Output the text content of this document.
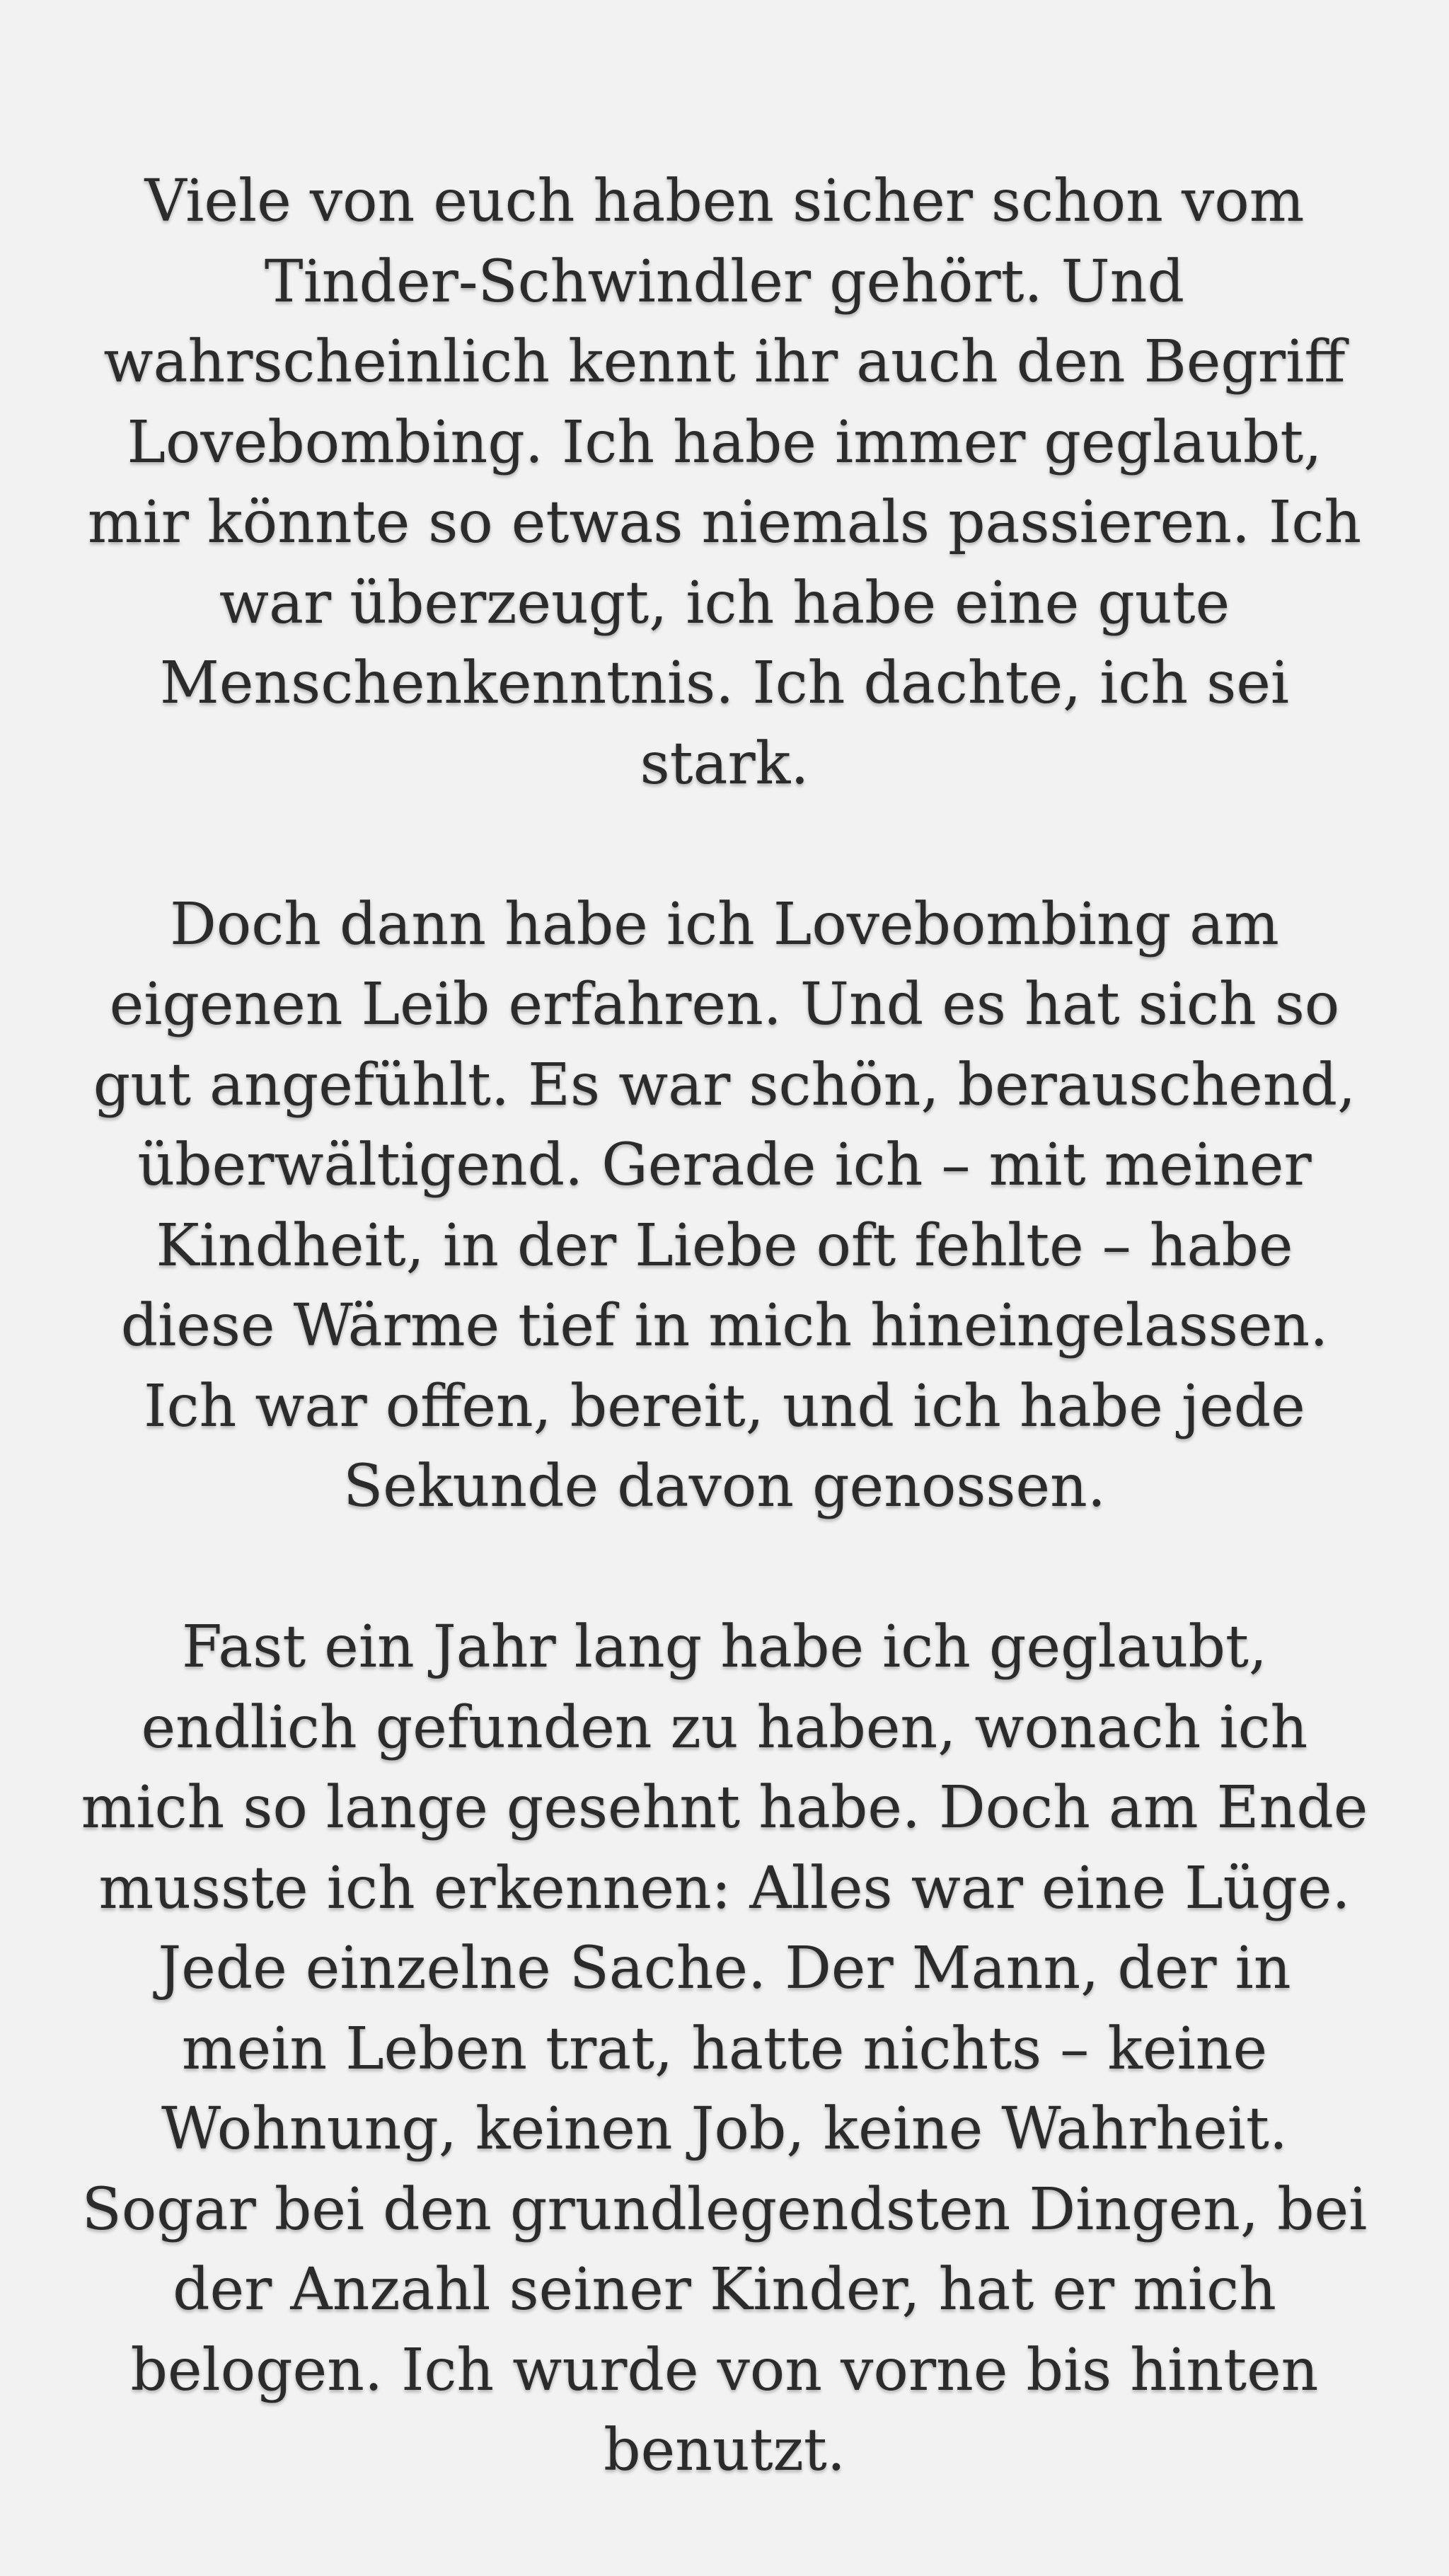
Viele von euch haben sicher schon vom
Tinder-Schwindler gehört. Und
wahrscheinlich kennt ihr auch den Begriff
Lovebombing. Ich habe immer geglaubt,
mir könnte so etwas niemals passieren. Ich
war überzeugt, ich habe eine gute
Menschenkenntnis. Ich dachte, ich sei
stark.

Doch dann habe ich Lovebombing am
eigenen Leib erfahren. Und es hat sich so
gut angefühlt. Es war schön, berauschend,
überwältigend. Gerade ich – mit meiner
Kindheit, in der Liebe oft fehlte – habe
diese Wärme tief in mich hineingelassen.
Ich war offen, bereit, und ich habe jede
Sekunde davon genossen.

Fast ein Jahr lang habe ich geglaubt,
endlich gefunden zu haben, wonach ich
mich so lange gesehnt habe. Doch am Ende
musste ich erkennen: Alles war eine Lüge.
Jede einzelne Sache. Der Mann, der in
mein Leben trat, hatte nichts – keine
Wohnung, keinen Job, keine Wahrheit.
Sogar bei den grundlegendsten Dingen, bei
der Anzahl seiner Kinder, hat er mich
belogen. Ich wurde von vorne bis hinten
benutzt.
